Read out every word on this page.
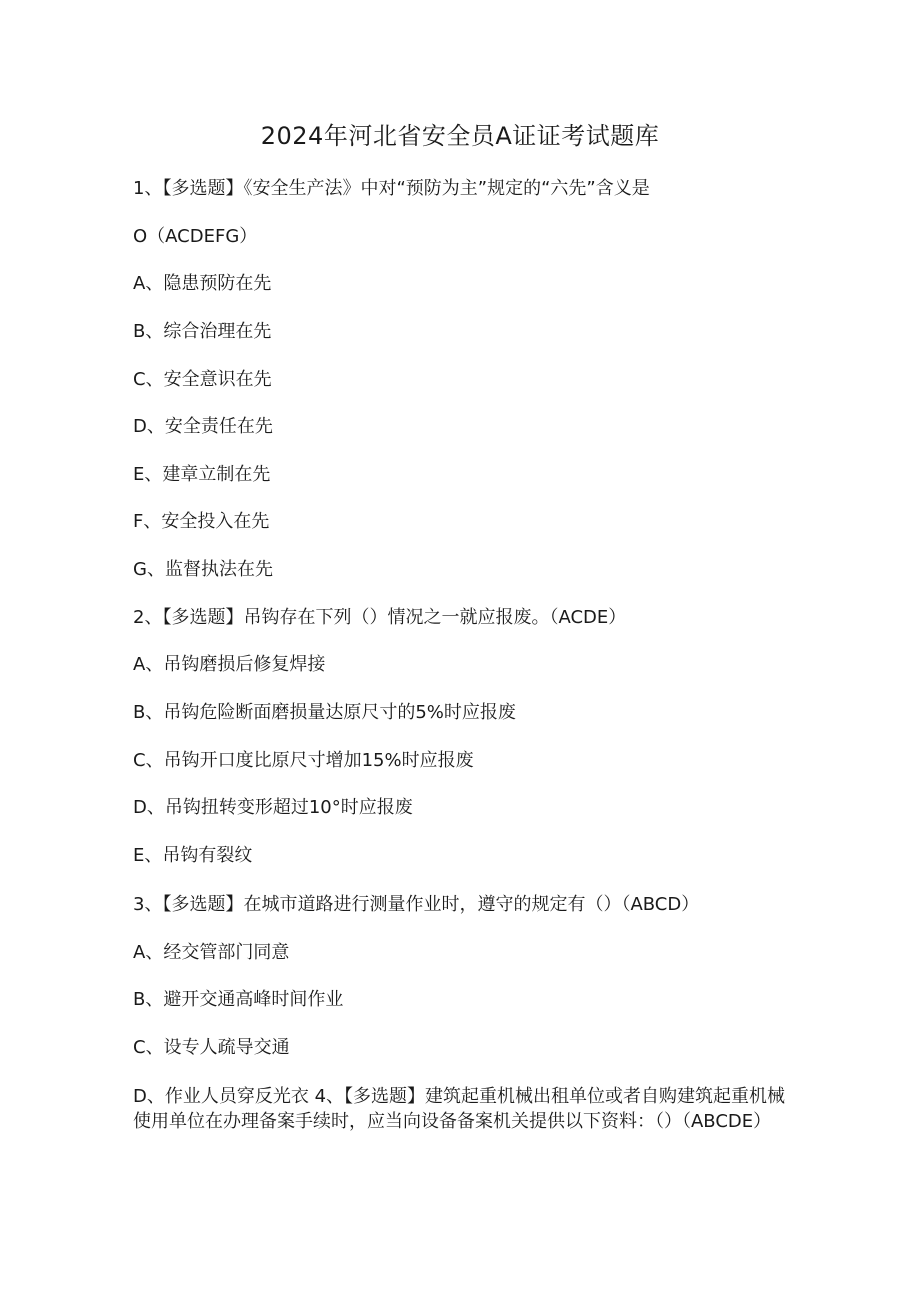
2024年河北省安全员A证证考试题库

1、【多选题】《安全生产法》中对“预防为主”规定的“六先”含义是

O（ACDEFG）

A、隐患预防在先

B、综合治理在先

C、安全意识在先

D、安全责任在先

E、建章立制在先

F、安全投入在先

G、监督执法在先

2、【多选题】吊钩存在下列（）情况之一就应报废。（ACDE）

A、吊钩磨损后修复焊接

B、吊钩危险断面磨损量达原尺寸的5%时应报废

C、吊钩开口度比原尺寸增加15%时应报废

D、吊钩扭转变形超过10°时应报废

E、吊钩有裂纹

3、【多选题】在城市道路进行测量作业时，遵守的规定有（）（ABCD）

A、经交管部门同意

B、避开交通高峰时间作业

C、设专人疏导交通

D、作业人员穿反光衣 4、【多选题】建筑起重机械出租单位或者自购建筑起重机械使用单位在办理备案手续时，应当向设备备案机关提供以下资料：（）（ABCDE）
